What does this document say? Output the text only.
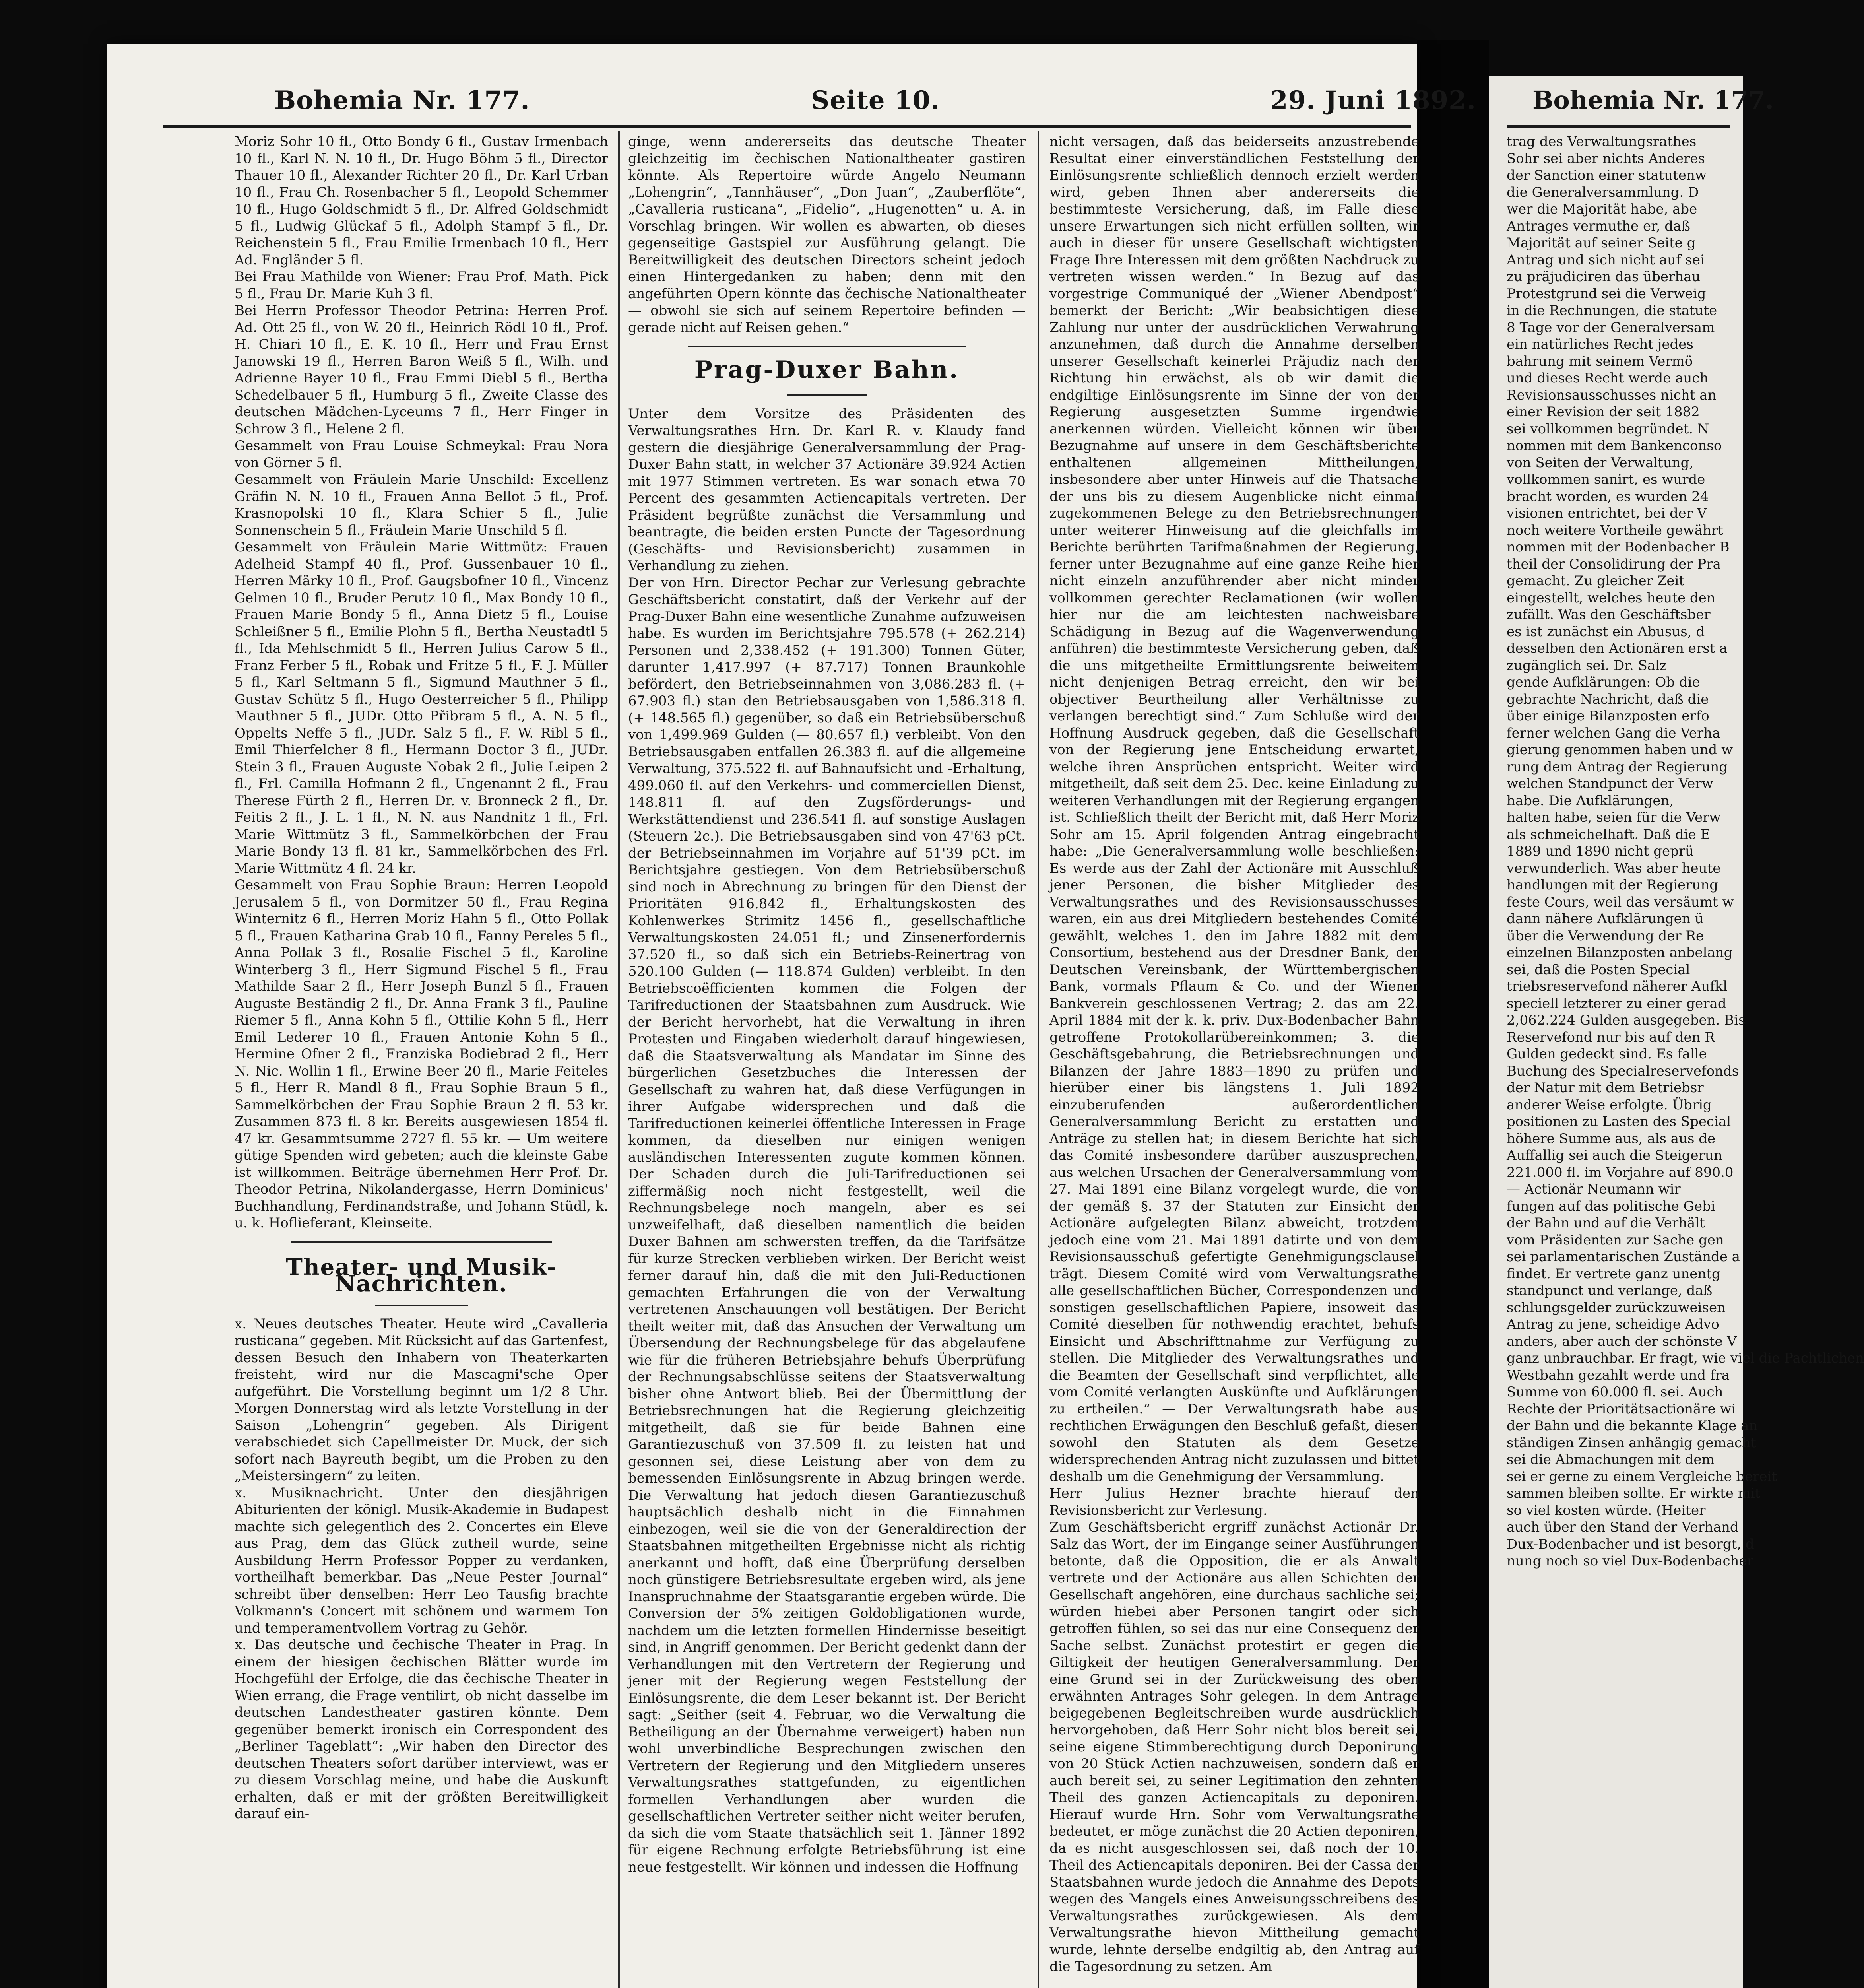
Bohemia Nr. 177.	Seite 10.	29. Juni 1892.

Moriz Sohr 10 fl., Otto Bondy 6 fl., Gustav Irmenbach 10 fl., Karl N. N. 10 fl., Dr. Hugo Böhm 5 fl., Director Thauer 10 fl., Alexander Richter 20 fl., Dr. Karl Urban 10 fl., Frau Ch. Rosenbacher 5 fl., Leopold Schemmer 10 fl., Hugo Goldschmidt 5 fl., Dr. Alfred Goldschmidt 5 fl., Ludwig Glückaf 5 fl., Adolph Stampf 5 fl., Dr. Reichenstein 5 fl., Frau Emilie Irmenbach 10 fl., Herr Ad. Engländer 5 fl.

Bei Frau Mathilde von Wiener: Frau Prof. Math. Pick 5 fl., Frau Dr. Marie Kuh 3 fl.

Bei Herrn Professor Theodor Petrina: Herren Prof. Ad. Ott 25 fl., von W. 20 fl., Heinrich Rödl 10 fl., Prof. H. Chiari 10 fl., E. K. 10 fl., Herr und Frau Ernst Janowski 19 fl., Herren Baron Weiß 5 fl., Wilh. und Adrienne Bayer 10 fl., Frau Emmi Diebl 5 fl., Bertha Schedelbauer 5 fl., Humburg 5 fl., Zweite Classe des deutschen Mädchen-Lyceums 7 fl., Herr Finger in Schrow 3 fl., Helene 2 fl.

Gesammelt von Frau Louise Schmeykal: Frau Nora von Görner 5 fl.

Gesammelt von Fräulein Marie Unschild: Excellenz Gräfin N. N. 10 fl., Frauen Anna Bellot 5 fl., Prof. Krasnopolski 10 fl., Klara Schier 5 fl., Julie Sonnenschein 5 fl., Fräulein Marie Unschild 5 fl.

Gesammelt von Fräulein Marie Wittmütz: Frauen Adelheid Stampf 40 fl., Prof. Gussenbauer 10 fl., Herren Märky 10 fl., Prof. Gaugsbofner 10 fl., Vincenz Gelmen 10 fl., Bruder Perutz 10 fl., Max Bondy 10 fl., Frauen Marie Bondy 5 fl., Anna Dietz 5 fl., Louise Schleißner 5 fl., Emilie Plohn 5 fl., Bertha Neustadtl 5 fl., Ida Mehlschmidt 5 fl., Herren Julius Carow 5 fl., Franz Ferber 5 fl., Robak und Fritze 5 fl., F. J. Müller 5 fl., Karl Seltmann 5 fl., Sigmund Mauthner 5 fl., Gustav Schütz 5 fl., Hugo Oesterreicher 5 fl., Philipp Mauthner 5 fl., JUDr. Otto Přibram 5 fl., A. N. 5 fl., Oppelts Neffe 5 fl., JUDr. Salz 5 fl., F. W. Ribl 5 fl., Emil Thierfelcher 8 fl., Hermann Doctor 3 fl., JUDr. Stein 3 fl., Frauen Auguste Nobak 2 fl., Julie Leipen 2 fl., Frl. Camilla Hofmann 2 fl., Ungenannt 2 fl., Frau Therese Fürth 2 fl., Herren Dr. v. Bronneck 2 fl., Dr. Feitis 2 fl., J. L. 1 fl., N. N. aus Nandnitz 1 fl., Frl. Marie Wittmütz 3 fl., Sammelkörbchen der Frau Marie Bondy 13 fl. 81 kr., Sammelkörbchen des Frl. Marie Wittmütz 4 fl. 24 kr.

Gesammelt von Frau Sophie Braun: Herren Leopold Jerusalem 5 fl., von Dormitzer 50 fl., Frau Regina Winternitz 6 fl., Herren Moriz Hahn 5 fl., Otto Pollak 5 fl., Frauen Katharina Grab 10 fl., Fanny Pereles 5 fl., Anna Pollak 3 fl., Rosalie Fischel 5 fl., Karoline Winterberg 3 fl., Herr Sigmund Fischel 5 fl., Frau Mathilde Saar 2 fl., Herr Joseph Bunzl 5 fl., Frauen Auguste Beständig 2 fl., Dr. Anna Frank 3 fl., Pauline Riemer 5 fl., Anna Kohn 5 fl., Ottilie Kohn 5 fl., Herr Emil Lederer 10 fl., Frauen Antonie Kohn 5 fl., Hermine Ofner 2 fl., Franziska Bodiebrad 2 fl., Herr N. Nic. Wollin 1 fl., Erwine Beer 20 fl., Marie Feiteles 5 fl., Herr R. Mandl 8 fl., Frau Sophie Braun 5 fl., Sammelkörbchen der Frau Sophie Braun 2 fl. 53 kr. Zusammen 873 fl. 8 kr. Bereits ausgewiesen 1854 fl. 47 kr. Gesammtsumme 2727 fl. 55 kr. — Um weitere gütige Spenden wird gebeten; auch die kleinste Gabe ist willkommen. Beiträge übernehmen Herr Prof. Dr. Theodor Petrina, Nikolandergasse, Herrn Dominicus' Buchhandlung, Ferdinandstraße, und Johann Stüdl, k. u. k. Hoflieferant, Kleinseite.

Theater- und Musik-Nachrichten.

x. Neues deutsches Theater. Heute wird „Cavalleria rusticana“ gegeben. Mit Rücksicht auf das Gartenfest, dessen Besuch den Inhabern von Theaterkarten freisteht, wird nur die Mascagni'sche Oper aufgeführt. Die Vorstellung beginnt um 1/2 8 Uhr. Morgen Donnerstag wird als letzte Vorstellung in der Saison „Lohengrin“ gegeben. Als Dirigent verabschiedet sich Capellmeister Dr. Muck, der sich sofort nach Bayreuth begibt, um die Proben zu den „Meistersingern“ zu leiten.

x. Musiknachricht. Unter den diesjährigen Abiturienten der königl. Musik-Akademie in Budapest machte sich gelegentlich des 2. Concertes ein Eleve aus Prag, dem das Glück zutheil wurde, seine Ausbildung Herrn Professor Popper zu verdanken, vortheilhaft bemerkbar. Das „Neue Pester Journal“ schreibt über denselben: Herr Leo Tausfig brachte Volkmann's Concert mit schönem und warmem Ton und temperamentvollem Vortrag zu Gehör.

x. Das deutsche und čechische Theater in Prag. In einem der hiesigen čechischen Blätter wurde im Hochgefühl der Erfolge, die das čechische Theater in Wien errang, die Frage ventilirt, ob nicht dasselbe im deutschen Landestheater gastiren könnte. Dem gegenüber bemerkt ironisch ein Correspondent des „Berliner Tageblatt“: „Wir haben den Director des deutschen Theaters sofort darüber interviewt, was er zu diesem Vorschlag meine, und habe die Auskunft erhalten, daß er mit der größten Bereitwilligkeit darauf ein-

ginge, wenn andererseits das deutsche Theater gleichzeitig im čechischen Nationaltheater gastiren könnte. Als Repertoire würde Angelo Neumann „Lohengrin“, „Tannhäuser“, „Don Juan“, „Zauberflöte“, „Cavalleria rusticana“, „Fidelio“, „Hugenotten“ u. A. in Vorschlag bringen. Wir wollen es abwarten, ob dieses gegenseitige Gastspiel zur Ausführung gelangt. Die Bereitwilligkeit des deutschen Directors scheint jedoch einen Hintergedanken zu haben; denn mit den angeführten Opern könnte das čechische Nationaltheater — obwohl sie sich auf seinem Repertoire befinden — gerade nicht auf Reisen gehen.“

Prag-Duxer Bahn.

Unter dem Vorsitze des Präsidenten des Verwaltungsrathes Hrn. Dr. Karl R. v. Klaudy fand gestern die diesjährige Generalversammlung der Prag-Duxer Bahn statt, in welcher 37 Actionäre 39.924 Actien mit 1977 Stimmen vertreten. Es war sonach etwa 70 Percent des gesammten Actiencapitals vertreten. Der Präsident begrüßte zunächst die Versammlung und beantragte, die beiden ersten Puncte der Tagesordnung (Geschäfts- und Revisionsbericht) zusammen in Verhandlung zu ziehen.

Der von Hrn. Director Pechar zur Verlesung gebrachte Geschäftsbericht constatirt, daß der Verkehr auf der Prag-Duxer Bahn eine wesentliche Zunahme aufzuweisen habe. Es wurden im Berichtsjahre 795.578 (+ 262.214) Personen und 2,338.452 (+ 191.300) Tonnen Güter, darunter 1,417.997 (+ 87.717) Tonnen Braunkohle befördert, den Betriebseinnahmen von 3,086.283 fl. (+ 67.903 fl.) stan den Betriebsausgaben von 1,586.318 fl. (+ 148.565 fl.) gegenüber, so daß ein Betriebsüberschuß von 1,499.969 Gulden (— 80.657 fl.) verbleibt. Von den Betriebsausgaben entfallen 26.383 fl. auf die allgemeine Verwaltung, 375.522 fl. auf Bahnaufsicht und -Erhaltung, 499.060 fl. auf den Verkehrs- und commerciellen Dienst, 148.811 fl. auf den Zugsförderungs- und Werkstättendienst und 236.541 fl. auf sonstige Auslagen (Steuern 2c.). Die Betriebsausgaben sind von 47'63 pCt. der Betriebseinnahmen im Vorjahre auf 51'39 pCt. im Berichtsjahre gestiegen. Von dem Betriebsüberschuß sind noch in Abrechnung zu bringen für den Dienst der Prioritäten 916.842 fl., Erhaltungskosten des Kohlenwerkes Strimitz 1456 fl., gesellschaftliche Verwaltungskosten 24.051 fl.; und Zinsenerfordernis 37.520 fl., so daß sich ein Betriebs-Reinertrag von 520.100 Gulden (— 118.874 Gulden) verbleibt. In den Betriebscoëfficienten kommen die Folgen der Tarifreductionen der Staatsbahnen zum Ausdruck. Wie der Bericht hervorhebt, hat die Verwaltung in ihren Protesten und Eingaben wiederholt darauf hingewiesen, daß die Staatsverwaltung als Mandatar im Sinne des bürgerlichen Gesetzbuches die Interessen der Gesellschaft zu wahren hat, daß diese Verfügungen in ihrer Aufgabe widersprechen und daß die Tarifreductionen keinerlei öffentliche Interessen in Frage kommen, da dieselben nur einigen wenigen ausländischen Interessenten zugute kommen können. Der Schaden durch die Juli-Tarifreductionen sei ziffermäßig noch nicht festgestellt, weil die Rechnungsbelege noch mangeln, aber es sei unzweifelhaft, daß dieselben namentlich die beiden Duxer Bahnen am schwersten treffen, da die Tarifsätze für kurze Strecken verblieben wirken. Der Bericht weist ferner darauf hin, daß die mit den Juli-Reductionen gemachten Erfahrungen die von der Verwaltung vertretenen Anschauungen voll bestätigen. Der Bericht theilt weiter mit, daß das Ansuchen der Verwaltung um Übersendung der Rechnungsbelege für das abgelaufene wie für die früheren Betriebsjahre behufs Überprüfung der Rechnungsabschlüsse seitens der Staatsverwaltung bisher ohne Antwort blieb. Bei der Übermittlung der Betriebsrechnungen hat die Regierung gleichzeitig mitgetheilt, daß sie für beide Bahnen eine Garantiezuschuß von 37.509 fl. zu leisten hat und gesonnen sei, diese Leistung aber von dem zu bemessenden Einlösungsrente in Abzug bringen werde. Die Verwaltung hat jedoch diesen Garantiezuschuß hauptsächlich deshalb nicht in die Einnahmen einbezogen, weil sie die von der Generaldirection der Staatsbahnen mitgetheilten Ergebnisse nicht als richtig anerkannt und hofft, daß eine Überprüfung derselben noch günstigere Betriebsresultate ergeben wird, als jene Inanspruchnahme der Staatsgarantie ergeben würde. Die Conversion der 5% zeitigen Goldobligationen wurde, nachdem um die letzten formellen Hindernisse beseitigt sind, in Angriff genommen. Der Bericht gedenkt dann der Verhandlungen mit den Vertretern der Regierung und jener mit der Regierung wegen Feststellung der Einlösungsrente, die dem Leser bekannt ist. Der Bericht sagt: „Seither (seit 4. Februar, wo die Verwaltung die Betheiligung an der Übernahme verweigert) haben nun wohl unverbindliche Besprechungen zwischen den Vertretern der Regierung und den Mitgliedern unseres Verwaltungsrathes stattgefunden, zu eigentlichen formellen Verhandlungen aber wurden die gesellschaftlichen Vertreter seither nicht weiter berufen, da sich die vom Staate thatsächlich seit 1. Jänner 1892 für eigene Rechnung erfolgte Betriebsführung ist eine neue festgestellt. Wir können und indessen die Hoffnung

nicht versagen, daß das beiderseits anzustrebende Resultat einer einverständlichen Feststellung der Einlösungsrente schließlich dennoch erzielt werden wird, geben Ihnen aber andererseits die bestimmteste Versicherung, daß, im Falle diese unsere Erwartungen sich nicht erfüllen sollten, wir auch in dieser für unsere Gesellschaft wichtigsten Frage Ihre Interessen mit dem größten Nachdruck zu vertreten wissen werden.“ In Bezug auf das vorgestrige Communiqué der „Wiener Abendpost“ bemerkt der Bericht: „Wir beabsichtigen diese Zahlung nur unter der ausdrücklichen Verwahrung anzunehmen, daß durch die Annahme derselben unserer Gesellschaft keinerlei Präjudiz nach der Richtung hin erwächst, als ob wir damit die endgiltige Einlösungsrente im Sinne der von der Regierung ausgesetzten Summe irgendwie anerkennen würden. Vielleicht können wir über Bezugnahme auf unsere in dem Geschäftsberichte enthaltenen allgemeinen Mittheilungen, insbesondere aber unter Hinweis auf die Thatsache der uns bis zu diesem Augenblicke nicht einmal zugekommenen Belege zu den Betriebsrechnungen unter weiterer Hinweisung auf die gleichfalls im Berichte berührten Tarifmaßnahmen der Regierung, ferner unter Bezugnahme auf eine ganze Reihe hier nicht einzeln anzuführender aber nicht minder vollkommen gerechter Reclamationen (wir wollen hier nur die am leichtesten nachweisbare Schädigung in Bezug auf die Wagenverwendung anführen) die bestimmteste Versicherung geben, daß die uns mitgetheilte Ermittlungsrente beiweitem nicht denjenigen Betrag erreicht, den wir bei objectiver Beurtheilung aller Verhältnisse zu verlangen berechtigt sind.“ Zum Schluße wird der Hoffnung Ausdruck gegeben, daß die Gesellschaft von der Regierung jene Entscheidung erwartet, welche ihren Ansprüchen entspricht. Weiter wird mitgetheilt, daß seit dem 25. Dec. keine Einladung zu weiteren Verhandlungen mit der Regierung ergangen ist. Schließlich theilt der Bericht mit, daß Herr Moriz Sohr am 15. April folgenden Antrag eingebracht habe: „Die Generalversammlung wolle beschließen: Es werde aus der Zahl der Actionäre mit Ausschluß jener Personen, die bisher Mitglieder des Verwaltungsrathes und des Revisionsausschusses waren, ein aus drei Mitgliedern bestehendes Comité gewählt, welches 1. den im Jahre 1882 mit dem Consortium, bestehend aus der Dresdner Bank, der Deutschen Vereinsbank, der Württembergischen Bank, vormals Pflaum & Co. und der Wiener Bankverein geschlossenen Vertrag; 2. das am 22. April 1884 mit der k. k. priv. Dux-Bodenbacher Bahn getroffene Protokollarübereinkommen; 3. die Geschäftsgebahrung, die Betriebsrechnungen und Bilanzen der Jahre 1883—1890 zu prüfen und hierüber einer bis längstens 1. Juli 1892 einzuberufenden außerordentlichen Generalversammlung Bericht zu erstatten und Anträge zu stellen hat; in diesem Berichte hat sich das Comité insbesondere darüber auszusprechen, aus welchen Ursachen der Generalversammlung vom 27. Mai 1891 eine Bilanz vorgelegt wurde, die von der gemäß §. 37 der Statuten zur Einsicht der Actionäre aufgelegten Bilanz abweicht, trotzdem jedoch eine vom 21. Mai 1891 datirte und von dem Revisionsausschuß gefertigte Genehmigungsclausel trägt. Diesem Comité wird vom Verwaltungsrathe alle gesellschaftlichen Bücher, Correspondenzen und sonstigen gesellschaftlichen Papiere, insoweit das Comité dieselben für nothwendig erachtet, behufs Einsicht und Abschrifttnahme zur Verfügung zu stellen. Die Mitglieder des Verwaltungsrathes und die Beamten der Gesellschaft sind verpflichtet, alle vom Comité verlangten Auskünfte und Aufklärungen zu ertheilen.“ — Der Verwaltungsrath habe aus rechtlichen Erwägungen den Beschluß gefaßt, diesen sowohl den Statuten als dem Gesetze widersprechenden Antrag nicht zuzulassen und bittet deshalb um die Genehmigung der Versammlung.

Herr Julius Hezner brachte hierauf den Revisionsbericht zur Verlesung.

Zum Geschäftsbericht ergriff zunächst Actionär Dr. Salz das Wort, der im Eingange seiner Ausführungen betonte, daß die Opposition, die er als Anwalt vertrete und der Actionäre aus allen Schichten der Gesellschaft angehören, eine durchaus sachliche sei; würden hiebei aber Personen tangirt oder sich getroffen fühlen, so sei das nur eine Consequenz der Sache selbst. Zunächst protestirt er gegen die Giltigkeit der heutigen Generalversammlung. Der eine Grund sei in der Zurückweisung des oben erwähnten Antrages Sohr gelegen. In dem Antrage beigegebenen Begleitschreiben wurde ausdrücklich hervorgehoben, daß Herr Sohr nicht blos bereit sei, seine eigene Stimmberechtigung durch Deponirung von 20 Stück Actien nachzuweisen, sondern daß er auch bereit sei, zu seiner Legitimation den zehnten Theil des ganzen Actiencapitals zu deponiren. Hierauf wurde Hrn. Sohr vom Verwaltungsrathe bedeutet, er möge zunächst die 20 Actien deponiren, da es nicht ausgeschlossen sei, daß noch der 10. Theil des Actiencapitals deponiren. Bei der Cassa der Staatsbahnen wurde jedoch die Annahme des Depots wegen des Mangels eines Anweisungsschreibens des Verwaltungsrathes zurückgewiesen. Als dem Verwaltungsrathe hievon Mittheilung gemacht wurde, lehnte derselbe endgiltig ab, den Antrag auf die Tagesordnung zu setzen. Am

Bohemia Nr. 177.
trag des Verwaltungsrathes
Sohr sei aber nichts Anderes
der Sanction einer statutenw
die Generalversammlung. D
wer die Majorität habe, abe
Antrages vermuthe er, daß
Majorität auf seiner Seite g
Antrag und sich nicht auf sei
zu präjudiciren das überhau
Protestgrund sei die Verweig
in die Rechnungen, die statute
8 Tage vor der Generalversam
ein natürliches Recht jedes
bahrung mit seinem Vermö
und dieses Recht werde auch
Revisionsausschusses nicht an
einer Revision der seit 1882
sei vollkommen begründet. N
nommen mit dem Bankenconso
von Seiten der Verwaltung,
vollkommen sanirt, es wurde
bracht worden, es wurden 24
visionen entrichtet, bei der V
noch weitere Vortheile gewährt
nommen mit der Bodenbacher B
theil der Consolidirung der Pra
gemacht. Zu gleicher Zeit
eingestellt, welches heute den
zufällt. Was den Geschäftsber
es ist zunächst ein Abusus, d
desselben den Actionären erst a
zugänglich sei. Dr. Salz
gende Aufklärungen: Ob die
gebrachte Nachricht, daß die
über einige Bilanzposten erfo
ferner welchen Gang die Verha
gierung genommen haben und w
rung dem Antrag der Regierung
welchen Standpunct der Verw
habe. Die Aufklärungen,
halten habe, seien für die Verw
als schmeichelhaft. Daß die E
1889 und 1890 nicht geprü
verwunderlich. Was aber heute
handlungen mit der Regierung
feste Cours, weil das versäumt w
dann nähere Aufklärungen ü
über die Verwendung der Re
einzelnen Bilanzposten anbelang
sei, daß die Posten Special
triebsreservefond näherer Aufkl
speciell letzterer zu einer gerad
2,062.224 Gulden ausgegeben. Bis
Reservefond nur bis auf den R
Gulden gedeckt sind. Es falle
Buchung des Specialreservefonds
der Natur mit dem Betriebsr
anderer Weise erfolgte. Übrig
positionen zu Lasten des Special
höhere Summe aus, als aus de
Auffallig sei auch die Steigerun
221.000 fl. im Vorjahre auf 890.0
— Actionär Neumann wir
fungen auf das politische Gebi
der Bahn und auf die Verhält
vom Präsidenten zur Sache gen
sei parlamentarischen Zustände a
findet. Er vertrete ganz unentg
standpunct und verlange, daß
schlungsgelder zurückzuweisen
Antrag zu jene, scheidige Advo
anders, aber auch der schönste V
ganz unbrauchbar. Er fragt, wie viel die Pachtlichen
Westbahn gezahlt werde und fra
Summe von 60.000 fl. sei. Auch
Rechte der Prioritätsactionäre wi
der Bahn und die bekannte Klage an
ständigen Zinsen anhängig gemacht
sei die Abmachungen mit dem
sei er gerne zu einem Vergleiche bereit
sammen bleiben sollte. Er wirkte mit
so viel kosten würde. (Heiter
auch über den Stand der Verhand
Dux-Bodenbacher und ist besorgt, d
nung noch so viel Dux-Bodenbacher
